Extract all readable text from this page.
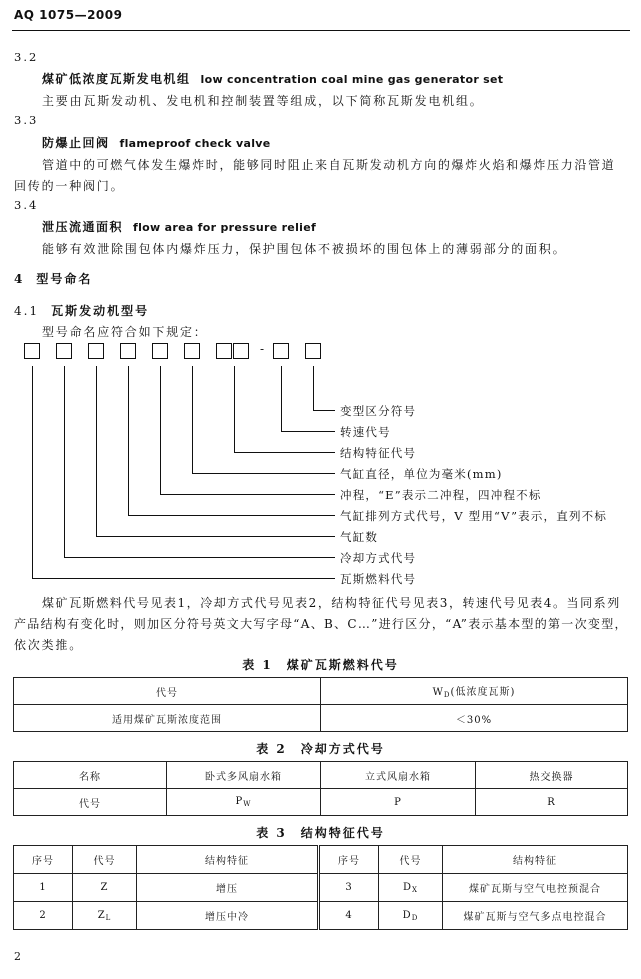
AQ 1075—2009
3.2
煤矿低浓度瓦斯发电机组 low concentration coal mine gas generator set
主要由瓦斯发动机、发电机和控制装置等组成，以下简称瓦斯发电机组。
3.3
防爆止回阀 flameproof check valve
管道中的可燃气体发生爆炸时，能够同时阻止来自瓦斯发动机方向的爆炸火焰和爆炸压力沿管道
回传的一种阀门。
3.4
泄压流通面积 flow area for pressure relief
能够有效泄除围包体内爆炸压力，保护围包体不被损坏的围包体上的薄弱部分的面积。
4 型号命名
4.1 瓦斯发动机型号
型号命名应符合如下规定：
-
变型区分符号
转速代号
结构特征代号
气缸直径，单位为毫米(mm)
冲程，“E”表示二冲程，四冲程不标
气缸排列方式代号，V 型用“V”表示，直列不标
气缸数
冷却方式代号
瓦斯燃料代号
煤矿瓦斯燃料代号见表1，冷却方式代号见表2，结构特征代号见表3，转速代号见表4。当同系列
产品结构有变化时，则加区分符号英文大写字母“A、B、C…”进行区分，“A”表示基本型的第一次变型，
依次类推。
表 1　煤矿瓦斯燃料代号
代号	$W_D$(低浓度瓦斯)
适用煤矿瓦斯浓度范围	＜30%
表 2　冷却方式代号
名称	卧式多风扇水箱	立式风扇水箱	热交换器
代号	$P_W$	P	R
表 3　结构特征代号
序号	代号	结构特征	序号	代号	结构特征
1	Z	增压	3	$D_X$	煤矿瓦斯与空气电控预混合
2	$Z_L$	增压中冷	4	$D_D$	煤矿瓦斯与空气多点电控混合
2
